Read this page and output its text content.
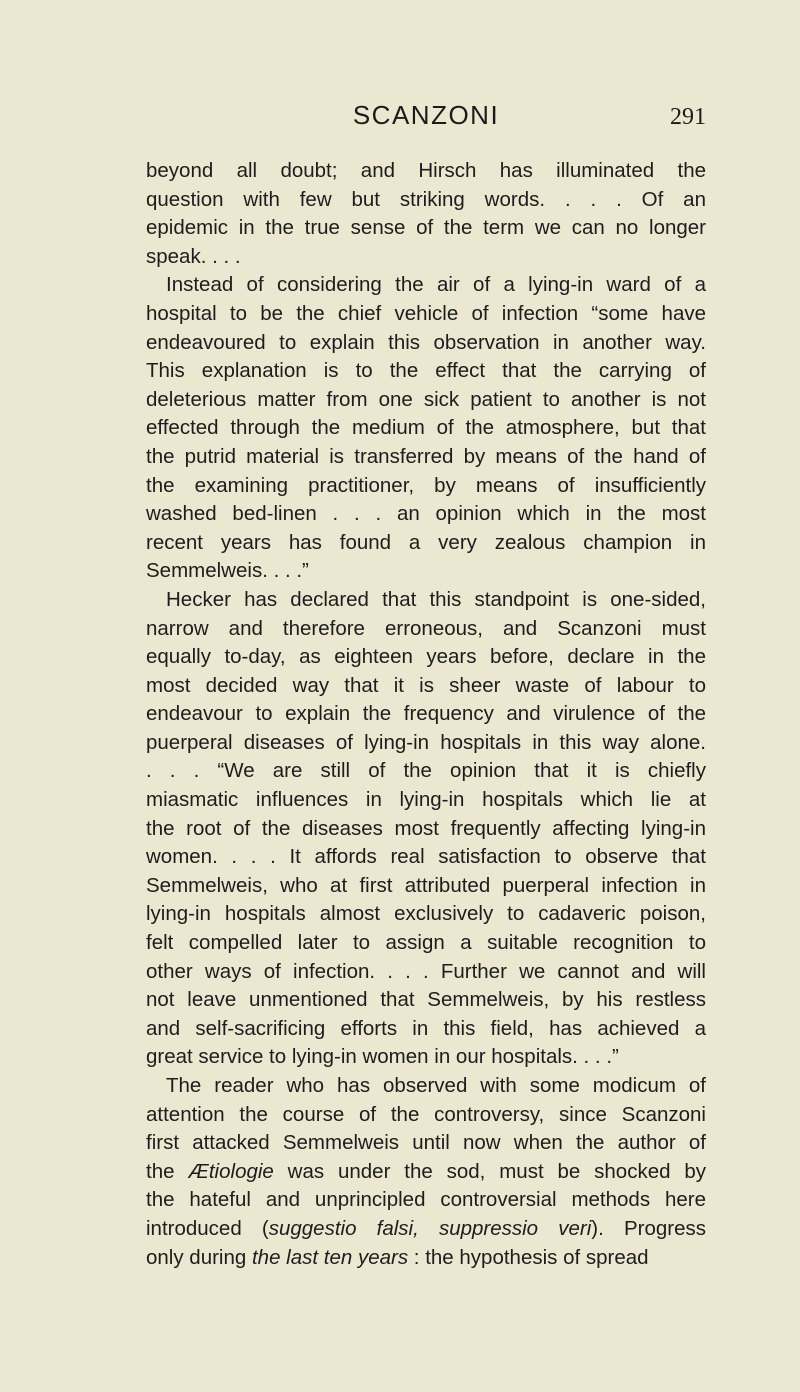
SCANZONI	291
beyond all doubt; and Hirsch has illuminated the
question with few but striking words. . . . Of an
epidemic in the true sense of the term we can no longer
speak. . . .
Instead of considering the air of a lying-in ward of a
hospital to be the chief vehicle of infection “some have
endeavoured to explain this observation in another way.
This explanation is to the effect that the carrying of
deleterious matter from one sick patient to another is not
effected through the medium of the atmosphere, but that
the putrid material is transferred by means of the hand of
the examining practitioner, by means of insufficiently
washed bed-linen . . . an opinion which in the most
recent years has found a very zealous champion in
Semmelweis. . . .”
Hecker has declared that this standpoint is one-sided,
narrow and therefore erroneous, and Scanzoni must
equally to-day, as eighteen years before, declare in the
most decided way that it is sheer waste of labour to
endeavour to explain the frequency and virulence of the
puerperal diseases of lying-in hospitals in this way alone.
. . . “We are still of the opinion that it is chiefly
miasmatic influences in lying-in hospitals which lie at
the root of the diseases most frequently affecting lying-in
women. . . . It affords real satisfaction to observe that
Semmelweis, who at first attributed puerperal infection in
lying-in hospitals almost exclusively to cadaveric poison,
felt compelled later to assign a suitable recognition to
other ways of infection. . . . Further we cannot and will
not leave unmentioned that Semmelweis, by his restless
and self-sacrificing efforts in this field, has achieved a
great service to lying-in women in our hospitals. . . .”
The reader who has observed with some modicum of
attention the course of the controversy, since Scanzoni
first attacked Semmelweis until now when the author of
the Ætiologie was under the sod, must be shocked by
the hateful and unprincipled controversial methods here
introduced (suggestio falsi, suppressio veri). Progress
only during the last ten years : the hypothesis of spread
